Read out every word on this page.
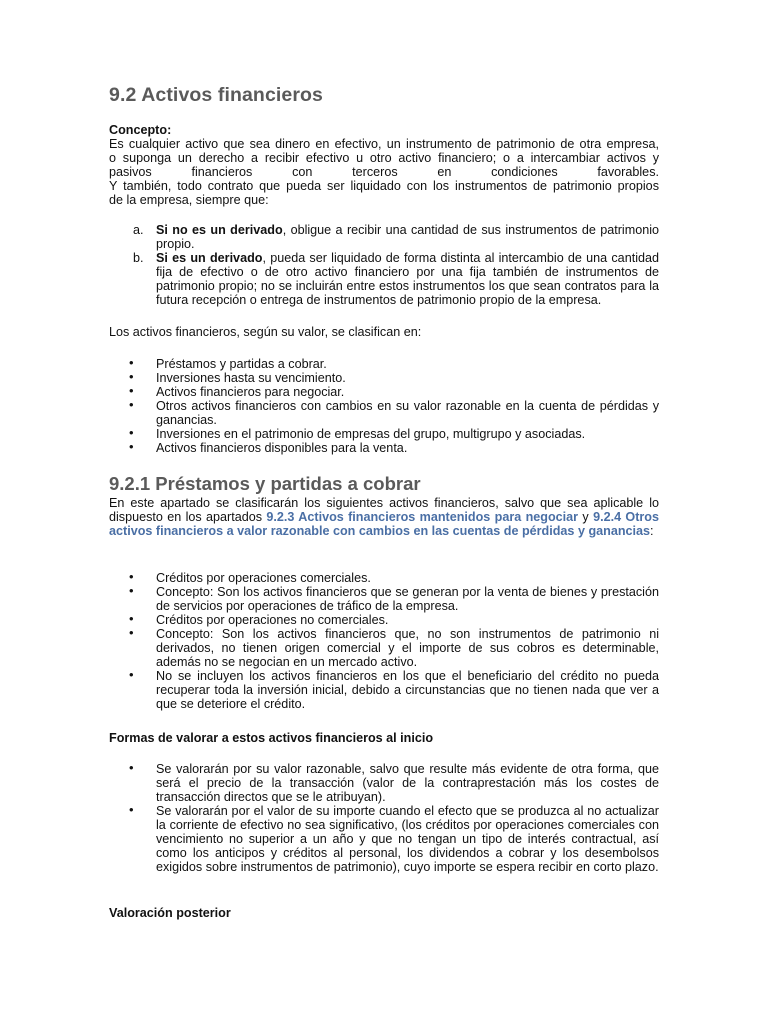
9.2 Activos financieros
Concepto:
Es cualquier activo que sea dinero en efectivo, un instrumento de patrimonio de otra empresa,
o suponga un derecho a recibir efectivo u otro activo financiero; o a intercambiar activos y
pasivos financieros con terceros en condiciones favorables.
Y también, todo contrato que pueda ser liquidado con los instrumentos de patrimonio propios
de la empresa, siempre que:
a. Si no es un derivado, obligue a recibir una cantidad de sus instrumentos de patrimonio propio.
b. Si es un derivado, pueda ser liquidado de forma distinta al intercambio de una cantidad fija de efectivo o de otro activo financiero por una fija también de instrumentos de patrimonio propio; no se incluirán entre estos instrumentos los que sean contratos para la futura recepción o entrega de instrumentos de patrimonio propio de la empresa.
Los activos financieros, según su valor, se clasifican en:
• Préstamos y partidas a cobrar.
• Inversiones hasta su vencimiento.
• Activos financieros para negociar.
• Otros activos financieros con cambios en su valor razonable en la cuenta de pérdidas y ganancias.
• Inversiones en el patrimonio de empresas del grupo, multigrupo y asociadas.
• Activos financieros disponibles para la venta.
9.2.1 Préstamos y partidas a cobrar
En este apartado se clasificarán los siguientes activos financieros, salvo que sea aplicable lo dispuesto en los apartados 9.2.3 Activos financieros mantenidos para negociar y 9.2.4 Otros activos financieros a valor razonable con cambios en las cuentas de pérdidas y ganancias:
• Créditos por operaciones comerciales.
• Concepto: Son los activos financieros que se generan por la venta de bienes y prestación de servicios por operaciones de tráfico de la empresa.
• Créditos por operaciones no comerciales.
• Concepto: Son los activos financieros que, no son instrumentos de patrimonio ni derivados, no tienen origen comercial y el importe de sus cobros es determinable, además no se negocian en un mercado activo.
• No se incluyen los activos financieros en los que el beneficiario del crédito no pueda recuperar toda la inversión inicial, debido a circunstancias que no tienen nada que ver a que se deteriore el crédito.
Formas de valorar a estos activos financieros al inicio
• Se valorarán por su valor razonable, salvo que resulte más evidente de otra forma, que será el precio de la transacción (valor de la contraprestación más los costes de transacción directos que se le atribuyan).
• Se valorarán por el valor de su importe cuando el efecto que se produzca al no actualizar la corriente de efectivo no sea significativo, (los créditos por operaciones comerciales con vencimiento no superior a un año y que no tengan un tipo de interés contractual, así como los anticipos y créditos al personal, los dividendos a cobrar y los desembolsos exigidos sobre instrumentos de patrimonio), cuyo importe se espera recibir en corto plazo.
Valoración posterior
